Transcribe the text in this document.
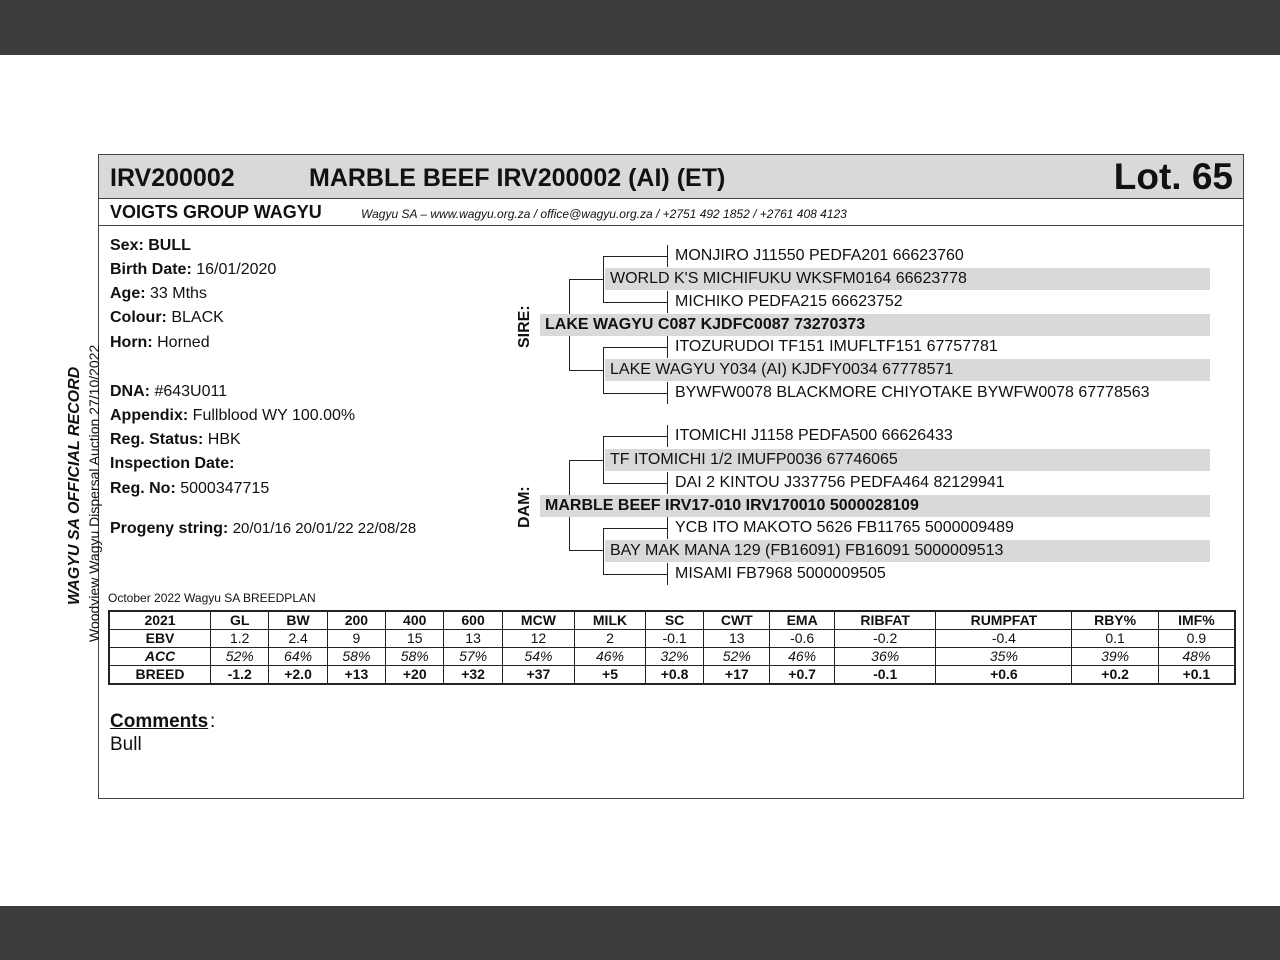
IRV200002	MARBLE BEEF IRV200002 (AI) (ET)	Lot. 65
VOIGTS GROUP WAGYU	Wagyu SA – www.wagyu.org.za / office@wagyu.org.za / +2751 492 1852 / +2761 408 4123
WAGYU SA OFFICIAL RECORD Woodview Wagyu Dispersal Auction 27/10/2022
Sex: BULL
Birth Date: 16/01/2020
Age: 33 Mths
Colour: BLACK
Horn: Horned
DNA: #643U011
Appendix: Fullblood WY 100.00%
Reg. Status: HBK
Inspection Date:
Reg. No: 5000347715
Progeny string: 20/01/16 20/01/22 22/08/28
SIRE:
MONJIRO J11550 PEDFA201 66623760
WORLD K'S MICHIFUKU WKSFM0164 66623778
MICHIKO PEDFA215 66623752
LAKE WAGYU C087 KJDFC0087 73270373
ITOZURUDOI TF151 IMUFLTF151 67757781
LAKE WAGYU Y034 (AI) KJDFY0034 67778571
BYWFW0078 BLACKMORE CHIYOTAKE BYWFW0078 67778563
DAM:
ITOMICHI J1158 PEDFA500 66626433
TF ITOMICHI 1/2 IMUFP0036 67746065
DAI 2 KINTOU J337756 PEDFA464 82129941
MARBLE BEEF IRV17-010 IRV170010 5000028109
YCB ITO MAKOTO 5626 FB11765 5000009489
BAY MAK MANA 129 (FB16091) FB16091 5000009513
MISAMI FB7968 5000009505
October 2022 Wagyu SA BREEDPLAN
2021	GL	BW	200	400	600	MCW	MILK	SC	CWT	EMA	RIBFAT	RUMPFAT	RBY%	IMF%
EBV	1.2	2.4	9	15	13	12	2	-0.1	13	-0.6	-0.2	-0.4	0.1	0.9
ACC	52%	64%	58%	58%	57%	54%	46%	32%	52%	46%	36%	35%	39%	48%
BREED	-1.2	+2.0	+13	+20	+32	+37	+5	+0.8	+17	+0.7	-0.1	+0.6	+0.2	+0.1
Comments :
Bull
